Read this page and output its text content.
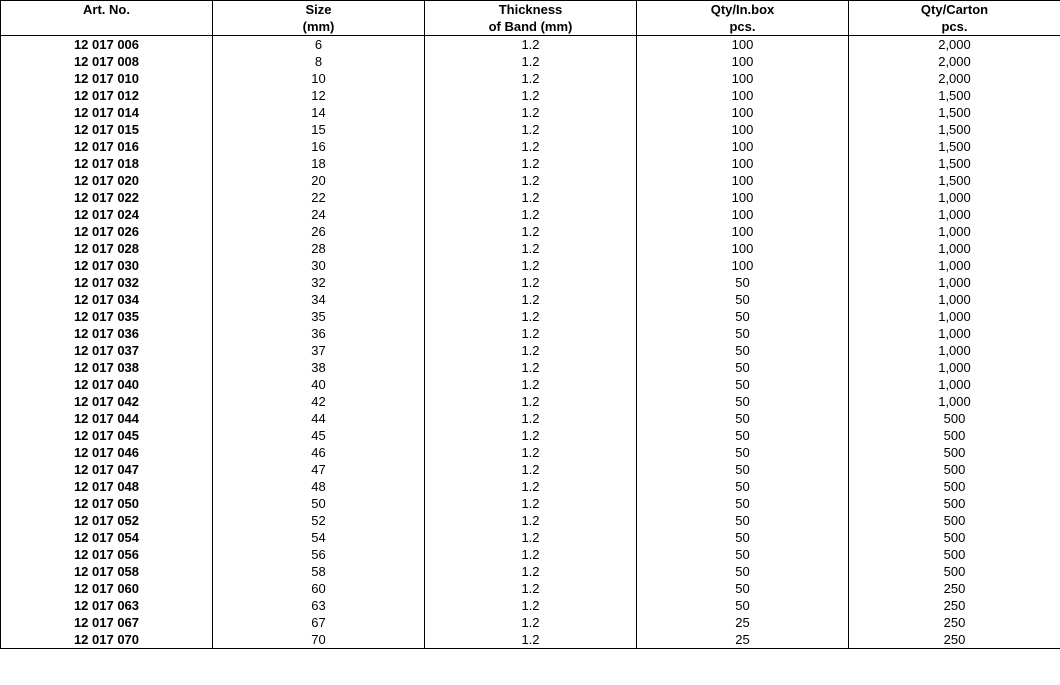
Art. No.	Size	Thickness	Qty/In.box	Qty/Carton
	(mm)	of Band (mm)	pcs.	pcs.
12 017 006	6	1.2	100	2,000
12 017 008	8	1.2	100	2,000
12 017 010	10	1.2	100	2,000
12 017 012	12	1.2	100	1,500
12 017 014	14	1.2	100	1,500
12 017 015	15	1.2	100	1,500
12 017 016	16	1.2	100	1,500
12 017 018	18	1.2	100	1,500
12 017 020	20	1.2	100	1,500
12 017 022	22	1.2	100	1,000
12 017 024	24	1.2	100	1,000
12 017 026	26	1.2	100	1,000
12 017 028	28	1.2	100	1,000
12 017 030	30	1.2	100	1,000
12 017 032	32	1.2	50	1,000
12 017 034	34	1.2	50	1,000
12 017 035	35	1.2	50	1,000
12 017 036	36	1.2	50	1,000
12 017 037	37	1.2	50	1,000
12 017 038	38	1.2	50	1,000
12 017 040	40	1.2	50	1,000
12 017 042	42	1.2	50	1,000
12 017 044	44	1.2	50	500
12 017 045	45	1.2	50	500
12 017 046	46	1.2	50	500
12 017 047	47	1.2	50	500
12 017 048	48	1.2	50	500
12 017 050	50	1.2	50	500
12 017 052	52	1.2	50	500
12 017 054	54	1.2	50	500
12 017 056	56	1.2	50	500
12 017 058	58	1.2	50	500
12 017 060	60	1.2	50	250
12 017 063	63	1.2	50	250
12 017 067	67	1.2	25	250
12 017 070	70	1.2	25	250
